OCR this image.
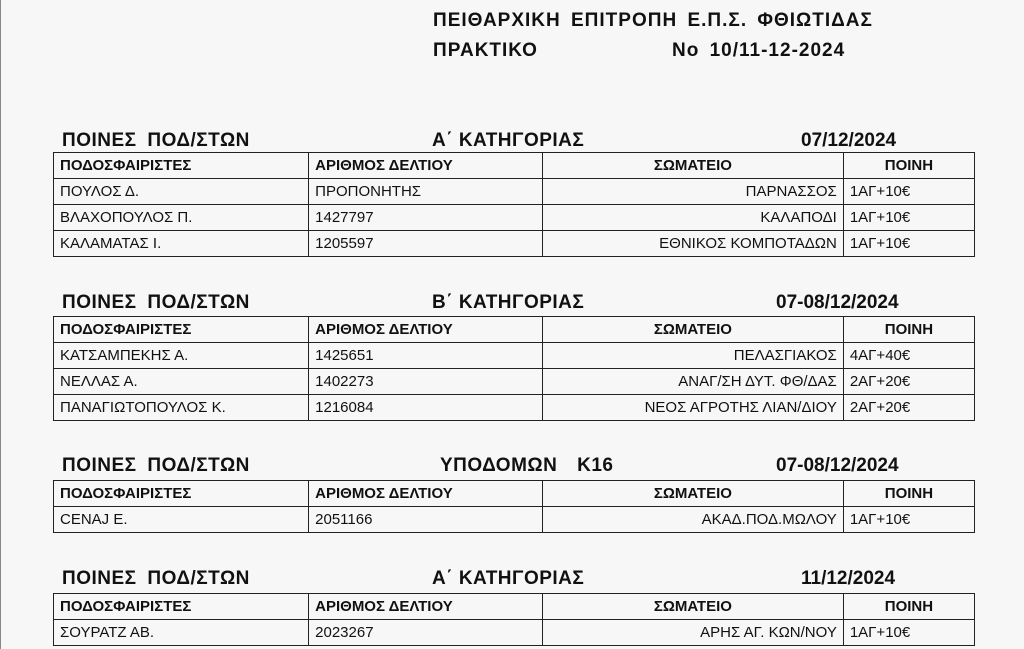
ΠΕΙΘΑΡΧΙΚΗ ΕΠΙΤΡΟΠΗ Ε.Π.Σ. ΦΘΙΩΤΙΔΑΣ
ΠΡΑΚΤΙΚΟ	Νο 10/11-12-2024
ΠΟΙΝΕΣ ΠΟΔ/ΣΤΩΝ	Α΄ ΚΑΤΗΓΟΡΙΑΣ	07/12/2024
ΠΟΔΟΣΦΑΙΡΙΣΤΕΣ	ΑΡΙΘΜΟΣ ΔΕΛΤΙΟΥ	ΣΩΜΑΤΕΙΟ	ΠΟΙΝΗ
ΠΟΥΛΟΣ Δ.	ΠΡΟΠΟΝΗΤΗΣ	ΠΑΡΝΑΣΣΟΣ	1ΑΓ+10€
ΒΛΑΧΟΠΟΥΛΟΣ Π.	1427797	ΚΑΛΑΠΟΔΙ	1ΑΓ+10€
ΚΑΛΑΜΑΤΑΣ Ι.	1205597	ΕΘΝΙΚΟΣ ΚΟΜΠΟΤΑΔΩΝ	1ΑΓ+10€
ΠΟΙΝΕΣ ΠΟΔ/ΣΤΩΝ	Β΄ ΚΑΤΗΓΟΡΙΑΣ	07-08/12/2024
ΠΟΔΟΣΦΑΙΡΙΣΤΕΣ	ΑΡΙΘΜΟΣ ΔΕΛΤΙΟΥ	ΣΩΜΑΤΕΙΟ	ΠΟΙΝΗ
ΚΑΤΣΑΜΠΕΚΗΣ Α.	1425651	ΠΕΛΑΣΓΙΑΚΟΣ	4ΑΓ+40€
ΝΕΛΛΑΣ Α.	1402273	ΑΝΑΓ/ΣΗ ΔΥΤ. ΦΘ/ΔΑΣ	2ΑΓ+20€
ΠΑΝΑΓΙΩΤΟΠΟΥΛΟΣ Κ.	1216084	ΝΕΟΣ ΑΓΡΟΤΗΣ ΛΙΑΝ/ΔΙΟΥ	2ΑΓ+20€
ΠΟΙΝΕΣ ΠΟΔ/ΣΤΩΝ	ΥΠΟΔΟΜΩΝ Κ16	07-08/12/2024
ΠΟΔΟΣΦΑΙΡΙΣΤΕΣ	ΑΡΙΘΜΟΣ ΔΕΛΤΙΟΥ	ΣΩΜΑΤΕΙΟ	ΠΟΙΝΗ
CENAJ Ε.	2051166	ΑΚΑΔ.ΠΟΔ.ΜΩΛΟΥ	1ΑΓ+10€
ΠΟΙΝΕΣ ΠΟΔ/ΣΤΩΝ	Α΄ ΚΑΤΗΓΟΡΙΑΣ	11/12/2024
ΠΟΔΟΣΦΑΙΡΙΣΤΕΣ	ΑΡΙΘΜΟΣ ΔΕΛΤΙΟΥ	ΣΩΜΑΤΕΙΟ	ΠΟΙΝΗ
ΣΟΥΡΑΤΖ ΑΒ.	2023267	ΑΡΗΣ ΑΓ. ΚΩΝ/ΝΟΥ	1ΑΓ+10€
